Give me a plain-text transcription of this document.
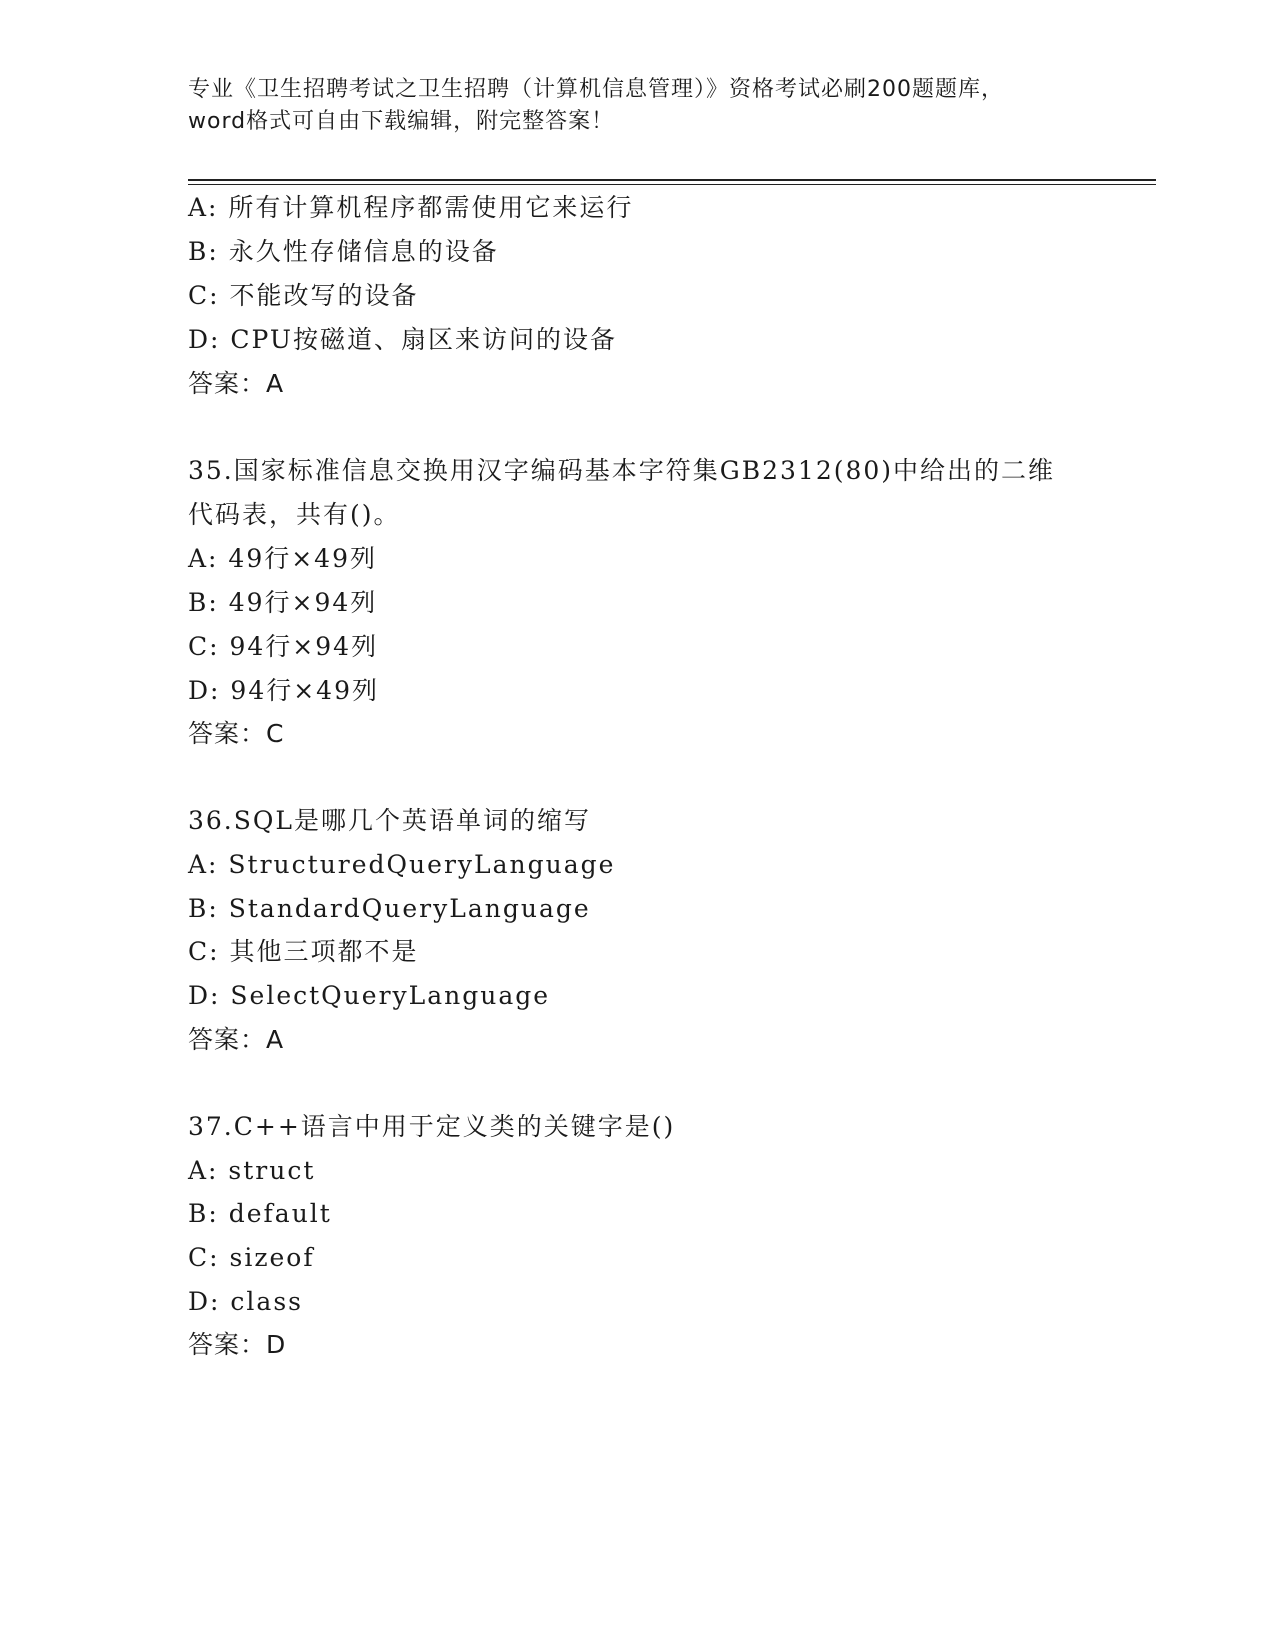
专业《卫生招聘考试之卫生招聘（计算机信息管理）》资格考试必刷200题题库，
word格式可自由下载编辑，附完整答案！
A: 所有计算机程序都需使用它来运行
B: 永久性存储信息的设备
C: 不能改写的设备
D: CPU按磁道、扇区来访问的设备
答案：A
35.国家标准信息交换用汉字编码基本字符集GB2312(80)中给出的二维
代码表，共有()。
A: 49行×49列
B: 49行×94列
C: 94行×94列
D: 94行×49列
答案：C
36.SQL是哪几个英语单词的缩写
A: StructuredQueryLanguage
B: StandardQueryLanguage
C: 其他三项都不是
D: SelectQueryLanguage
答案：A
37.C++语言中用于定义类的关键字是()
A: struct
B: default
C: sizeof
D: class
答案：D
